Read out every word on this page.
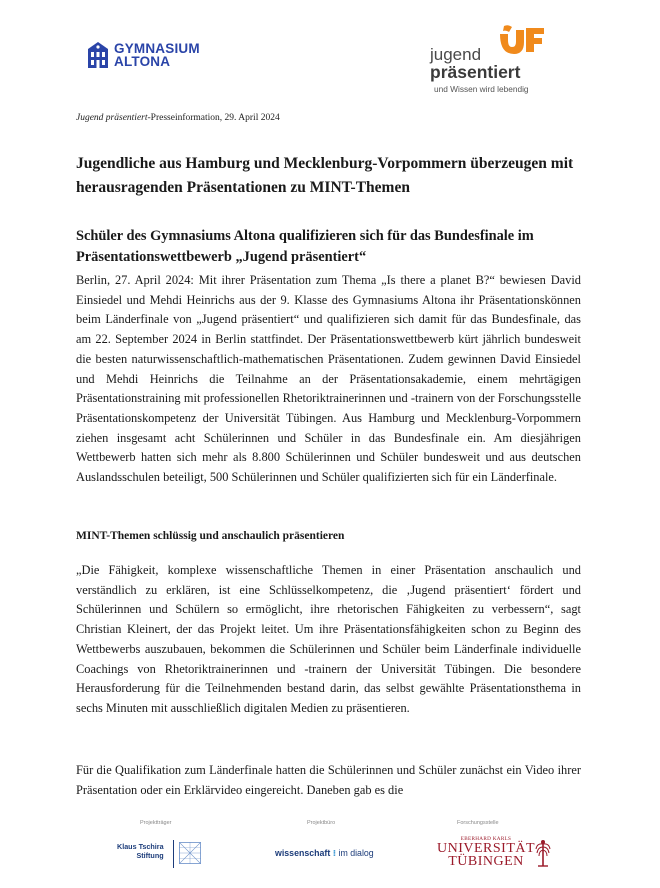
GYMNASIUM
ALTONA	jugend
präsentiert
und Wissen wird lebendig
Jugend präsentiert-Presseinformation, 29. April 2024
Jugendliche aus Hamburg und Mecklenburg-Vorpommern überzeugen mit herausragenden Präsentationen zu MINT-Themen
Schüler des Gymnasiums Altona qualifizieren sich für das Bundesfinale im Präsentationswettbewerb „Jugend präsentiert“

Berlin, 27. April 2024: Mit ihrer Präsentation zum Thema „Is there a planet B?“ bewiesen David Einsiedel und Mehdi Heinrichs aus der 9. Klasse des Gymnasiums Altona ihr Präsentationskönnen beim Länderfinale von „Jugend präsentiert“ und qualifizieren sich damit für das Bundesfinale, das am 22. September 2024 in Berlin stattfindet. Der Präsentationswettbewerb kürt jährlich bundesweit die besten naturwissenschaftlich-mathematischen Präsentationen. Zudem gewinnen David Einsiedel und Mehdi Heinrichs die Teilnahme an der Präsentationsakademie, einem mehrtägigen Präsentationstraining mit professionellen Rhetoriktrainerinnen und -trainern von der Forschungsstelle Präsentationskompetenz der Universität Tübingen. Aus Hamburg und Mecklenburg-Vorpommern ziehen insgesamt acht Schülerinnen und Schüler in das Bundesfinale ein. Am diesjährigen Wettbewerb hatten sich mehr als 8.800 Schülerinnen und Schüler bundesweit und aus deutschen Auslandsschulen beteiligt, 500 Schülerinnen und Schüler qualifizierten sich für ein Länderfinale.

MINT-Themen schlüssig und anschaulich präsentieren

„Die Fähigkeit, komplexe wissenschaftliche Themen in einer Präsentation anschaulich und verständlich zu erklären, ist eine Schlüsselkompetenz, die ‚Jugend präsentiert‘ fördert und Schülerinnen und Schülern so ermöglicht, ihre rhetorischen Fähigkeiten zu verbessern“, sagt Christian Kleinert, der das Projekt leitet. Um ihre Präsentationsfähigkeiten schon zu Beginn des Wettbewerbs auszubauen, bekommen die Schülerinnen und Schüler beim Länderfinale individuelle Coachings von Rhetoriktrainerinnen und -trainern der Universität Tübingen. Die besondere Herausforderung für die Teilnehmenden bestand darin, das selbst gewählte Präsentationsthema in sechs Minuten mit ausschließlich digitalen Medien zu präsentieren.

Für die Qualifikation zum Länderfinale hatten die Schülerinnen und Schüler zunächst ein Video ihrer Präsentation oder ein Erklärvideo eingereicht. Daneben gab es die

Projektträger	Projektbüro	Forschungsstelle
Klaus Tschira
Stiftung	wissenschaft ⁝ im dialog
EBERHARD KARLS
UNIVERSITÄT
TÜBINGEN
